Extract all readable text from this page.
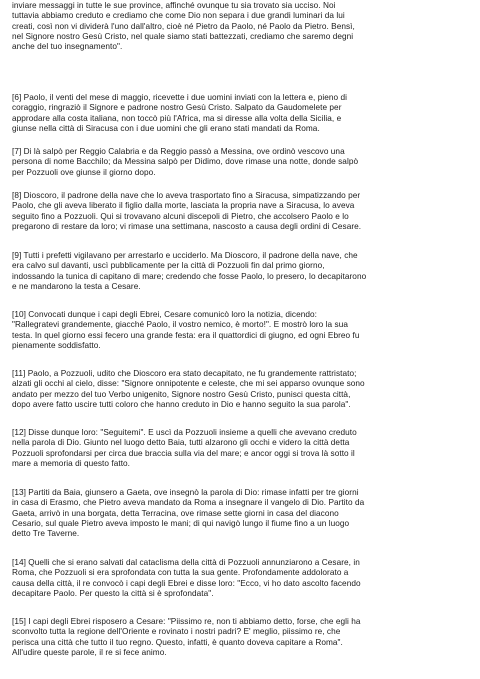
inviare messaggi in tutte le sue province, affinché ovunque tu sia trovato sia ucciso. Noi
tuttavia abbiamo creduto e crediamo che come Dio non separa i due grandi luminari da lui
creati, così non vi dividerà l'uno dall'altro, cioè né Pietro da Paolo, né Paolo da Pietro. Bensì,
nel Signore nostro Gesù Cristo, nel quale siamo stati battezzati, crediamo che saremo degni
anche del tuo insegnamento".

[6] Paolo, il venti del mese di maggio, ricevette i due uomini inviati con la lettera e, pieno di
coraggio, ringraziò il Signore e padrone nostro Gesù Cristo. Salpato da Gaudomelete per
approdare alla costa italiana, non toccò più l'Africa, ma si diresse alla volta della Sicilia, e
giunse nella città di Siracusa con i due uomini che gli erano stati mandati da Roma.

[7] Di là salpò per Reggio Calabria e da Reggio passò a Messina, ove ordinò vescovo una
persona di nome Bacchilo; da Messina salpò per Didimo, dove rimase una notte, donde salpò
per Pozzuoli ove giunse il giorno dopo.

[8] Dioscoro, il padrone della nave che lo aveva trasportato fino a Siracusa, simpatizzando per
Paolo, che gli aveva liberato il figlio dalla morte, lasciata la propria nave a Siracusa, lo aveva
seguito fino a Pozzuoli. Qui si trovavano alcuni discepoli di Pietro, che accolsero Paolo e lo
pregarono di restare da loro; vi rimase una settimana, nascosto a causa degli ordini di Cesare.

[9] Tutti i prefetti vigilavano per arrestarlo e ucciderlo. Ma Dioscoro, il padrone della nave, che
era calvo sul davanti, uscì pubblicamente per la città di Pozzuoli fin dal primo giorno,
indossando la tunica di capitano di mare; credendo che fosse Paolo, lo presero, lo decapitarono
e ne mandarono la testa a Cesare.

[10] Convocati dunque i capi degli Ebrei, Cesare comunicò loro la notizia, dicendo:
"Rallegratevi grandemente, giacché Paolo, il vostro nemico, è morto!". E mostrò loro la sua
testa. In quel giorno essi fecero una grande festa: era il quattordici di giugno, ed ogni Ebreo fu
pienamente soddisfatto.

[11] Paolo, a Pozzuoli, udito che Dioscoro era stato decapitato, ne fu grandemente rattristato;
alzati gli occhi al cielo, disse: "Signore onnipotente e celeste, che mi sei apparso ovunque sono
andato per mezzo del tuo Verbo unigenito, Signore nostro Gesù Cristo, punisci questa città,
dopo avere fatto uscire tutti coloro che hanno creduto in Dio e hanno seguito la sua parola".

[12] Disse dunque loro: "Seguitemi". E uscì da Pozzuoli insieme a quelli che avevano creduto
nella parola di Dio. Giunto nel luogo detto Baia, tutti alzarono gli occhi e videro la città detta
Pozzuoli sprofondarsi per circa due braccia sulla via del mare; e ancor oggi si trova là sotto il
mare a memoria di questo fatto.

[13] Partiti da Baia, giunsero a Gaeta, ove insegnò la parola di Dio: rimase infatti per tre giorni
in casa di Erasmo, che Pietro aveva mandato da Roma a insegnare il vangelo di Dio. Partito da
Gaeta, arrivò in una borgata, detta Terracina, ove rimase sette giorni in casa del diacono
Cesario, sul quale Pietro aveva imposto le mani; di qui navigò lungo il fiume fino a un luogo
detto Tre Taverne.

[14] Quelli che si erano salvati dal cataclisma della città di Pozzuoli annunziarono a Cesare, in
Roma, che Pozzuoli si era sprofondata con tutta la sua gente. Profondamente addolorato a
causa della città, il re convocò i capi degli Ebrei e disse loro: "Ecco, vi ho dato ascolto facendo
decapitare Paolo. Per questo la città si è sprofondata".

[15] I capi degli Ebrei risposero a Cesare: "Piissimo re, non ti abbiamo detto, forse, che egli ha
sconvolto tutta la regione dell'Oriente e rovinato i nostri padri? E' meglio, piissimo re, che
perisca una città che tutto il tuo regno. Questo, infatti, è quanto doveva capitare a Roma".
All'udire queste parole, il re si fece animo.
